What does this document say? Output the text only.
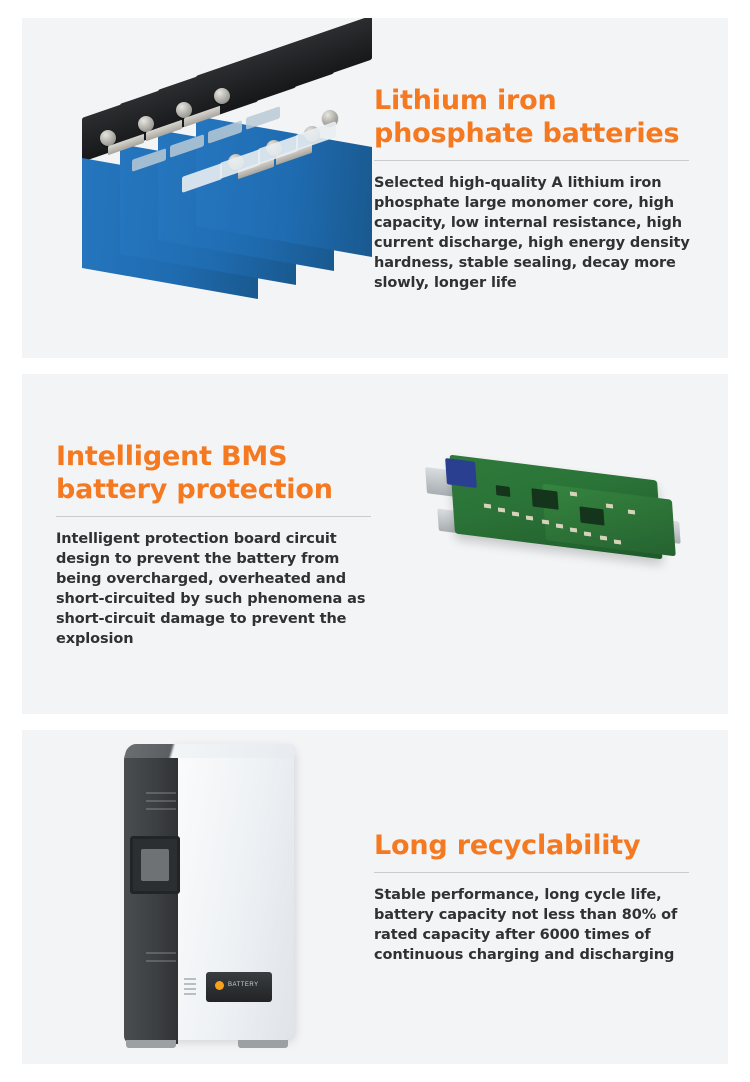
Lithium iron phosphate batteries

Selected high-quality A lithium iron phosphate large monomer core, high capacity, low internal resistance, high current discharge, high energy density hardness, stable sealing, decay more slowly, longer life

Intelligent BMS battery protection

Intelligent protection board circuit design to prevent the battery from being overcharged, overheated and short-circuited by such phenomena as short-circuit damage to prevent the explosion

BATTERY
Long recyclability

Stable performance, long cycle life, battery capacity not less than 80% of rated capacity after 6000 times of continuous charging and discharging
